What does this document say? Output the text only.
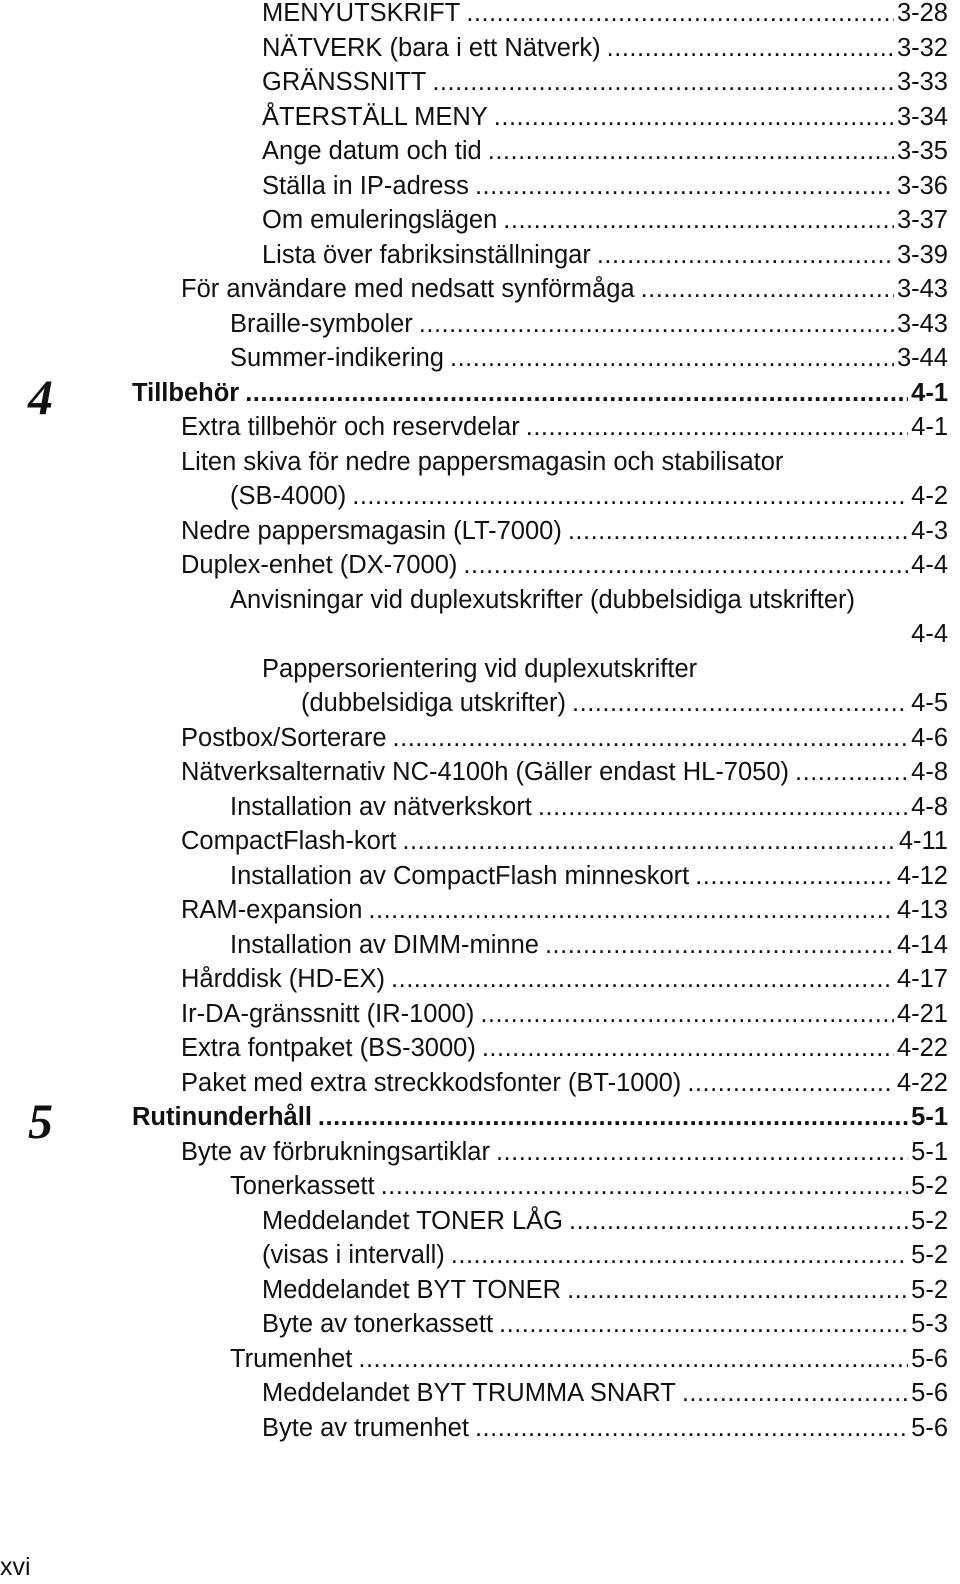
MENYUTSKRIFT .....	3-28
NÄTVERK (bara i ett Nätverk) .....	3-32
GRÄNSSNITT .....	3-33
ÅTERSTÄLL MENY .....	3-34
Ange datum och tid .....	3-35
Ställa in IP-adress .....	3-36
Om emuleringslägen .....	3-37
Lista över fabriksinställningar .....	3-39
För användare med nedsatt synförmåga .....	3-43
Braille-symboler .....	3-43
Summer-indikering .....	3-44
Tillbehör .....	4-1
4
Extra tillbehör och reservdelar .....	4-1
Liten skiva för nedre pappersmagasin och stabilisator
(SB-4000) .....	4-2
Nedre pappersmagasin (LT-7000) .....	4-3
Duplex-enhet (DX-7000) .....	4-4
Anvisningar vid duplexutskrifter (dubbelsidiga utskrifter)
4-4
Pappersorientering vid duplexutskrifter
(dubbelsidiga utskrifter) .....	4-5
Postbox/Sorterare .....	4-6
Nätverksalternativ NC-4100h (Gäller endast HL-7050) .....	4-8
Installation av nätverkskort .....	4-8
CompactFlash-kort .....	4-11
Installation av CompactFlash minneskort .....	4-12
RAM-expansion .....	4-13
Installation av DIMM-minne .....	4-14
Hårddisk (HD-EX) .....	4-17
Ir-DA-gränssnitt (IR-1000) .....	4-21
Extra fontpaket (BS-3000) .....	4-22
Paket med extra streckkodsfonter (BT-1000) .....	4-22
Rutinunderhåll .....	5-1
5
Byte av förbrukningsartiklar .....	5-1
Tonerkassett .....	5-2
Meddelandet TONER LÅG .....	5-2
(visas i intervall) .....	5-2
Meddelandet BYT TONER .....	5-2
Byte av tonerkassett .....	5-3
Trumenhet .....	5-6
Meddelandet BYT TRUMMA SNART .....	5-6
Byte av trumenhet .....	5-6
xvi
